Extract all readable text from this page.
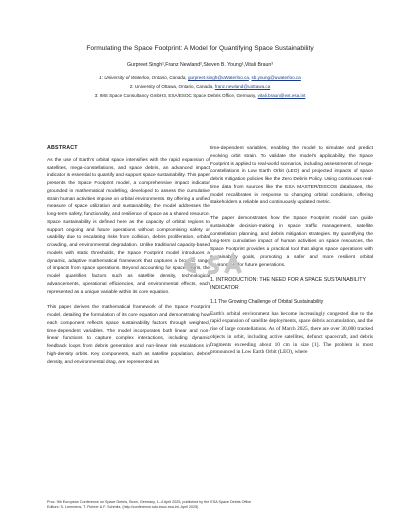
Formulating the Space Footprint: A Model for Quantifying Space Sustainability
Gurpreet Singh¹,Franz Newland²,Steven B. Young¹,Vitali Braun³
1: University of Waterloo, Ontario, Canada, gurpreet.singh@uWaterloo.ca, sb.young@uwaterloo.ca
2: University of Ottawa, Ontario, Canada, franz.newland@uottawa.ca
3: IMS Space Consultancy GmbH3, ESA/ESOC Space Debris Office, Germany, vitali.braun@ext.esa.int
ABSTRACT

As the use of Earth's orbital space intensifies with the rapid expansion of satellites, mega-constellations, and space debris, an advanced impact indicator is essential to quantify and support space sustainability. This paper presents the Space Footprint model, a comprehensive impact indicator grounded in mathematical modelling, developed to assess the cumulative strain human activities impose on orbital environments. By offering a unified measure of space utilization and sustainability, the model addresses the long-term safety, functionality, and resilience of space as a shared resource. Space sustainability is defined here as the capacity of orbital regions to support ongoing and future operations without compromising safety or usability due to escalating risks from collision, debris proliferation, orbital crowding, and environmental degradation. Unlike traditional capacity-based models with static thresholds, the Space Footprint model introduces a dynamic, adaptive mathematical framework that captures a broader range of impacts from space operations. Beyond accounting for space debris, the model quantifies factors such as satellite density, technological advancements, operational efficiencies, and environmental effects, each represented as a unique variable within its core equation.

This paper derives the mathematical framework of the Space Footprint model, detailing the formulation of its core equation and demonstrating how each component reflects space sustainability factors through weighted, time-dependent variables. The model incorporates both linear and non-linear functions to capture complex interactions, including dynamic feedback loops from debris generation and non-linear risk escalations in high-density orbits. Key components, such as satellite population, debris density, and environmental drag, are represented as

time-dependent variables, enabling the model to simulate and predict evolving orbit strain. To validate the model's applicability, the Space Footprint is applied to real-world scenarios, including assessments of mega-constellations in Low Earth Orbit (LEO) and projected impacts of space debris mitigation policies like the Zero Debris Policy. Using continuous real-time data from sources like the ESA MASTER/DISCOS databases, the model recalibrates in response to changing orbital conditions, offering stakeholders a reliable and continuously updated metric.

The paper demonstrates how the Space Footprint model can guide sustainable decision-making in space traffic management, satellite constellation planning, and debris mitigation strategies. By quantifying the long-term cumulative impact of human activities on space resources, the Space Footprint provides a practical tool that aligns space operations with sustainability goals, promoting a safer and more resilient orbital environment for future generations.

1. INTRODUCTION: THE NEED FOR A SPACE SUSTAINABILITY INDICATOR
1.1 The Growing Challenge of Orbital Sustainability

Earth's orbital environment has become increasingly congested due to the rapid expansion of satellite deployments, space debris accumulation, and the rise of large constellations. As of March 2025, there are over 30,000 tracked objects in orbit, including active satellites, defunct spacecraft, and debris fragments exceeding about 10 cm in size [1]. The problem is most pronounced in Low Earth Orbit (LEO), where

Proc. 9th European Conference on Space Debris, Bonn, Germany, 1–4 April 2025, published by the ESA Space Debris Office
Editors: S. Lemmens, T. Flohrer & F. Schmitz, (http://conference.sdo.esoc.esa.int, April 2025)
